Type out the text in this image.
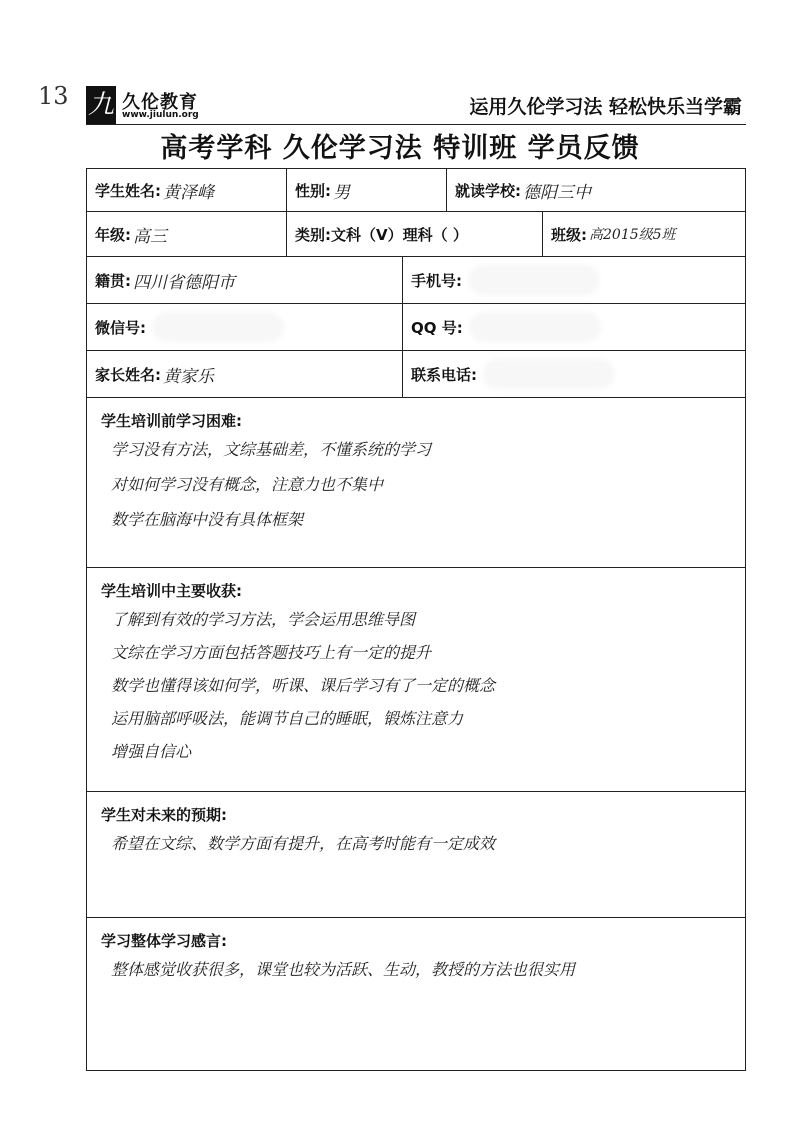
13 九 久伦教育
www.jiulun.org	运用久伦学习法 轻松快乐当学霸
高考学科 久伦学习法 特训班 学员反馈
学生姓名: 黄泽峰	性别: 男	就读学校: 德阳三中
年级: 高三	类别: 文科（V）理科（ ）	班级: 高2015级5班
籍贯: 四川省德阳市	手机号:
微信号:	QQ 号:
家长姓名: 黄家乐	联系电话:
学生培训前学习困难:
学习没有方法，文综基础差，不懂系统的学习
对如何学习没有概念，注意力也不集中
数学在脑海中没有具体框架
学生培训中主要收获:
了解到有效的学习方法，学会运用思维导图
文综在学习方面包括答题技巧上有一定的提升
数学也懂得该如何学，听课、课后学习有了一定的概念
运用脑部呼吸法，能调节自己的睡眠，锻炼注意力
增强自信心
学生对未来的预期:
希望在文综、数学方面有提升，在高考时能有一定成效
学习整体学习感言:
整体感觉收获很多，课堂也较为活跃、生动，教授的方法也很实用
